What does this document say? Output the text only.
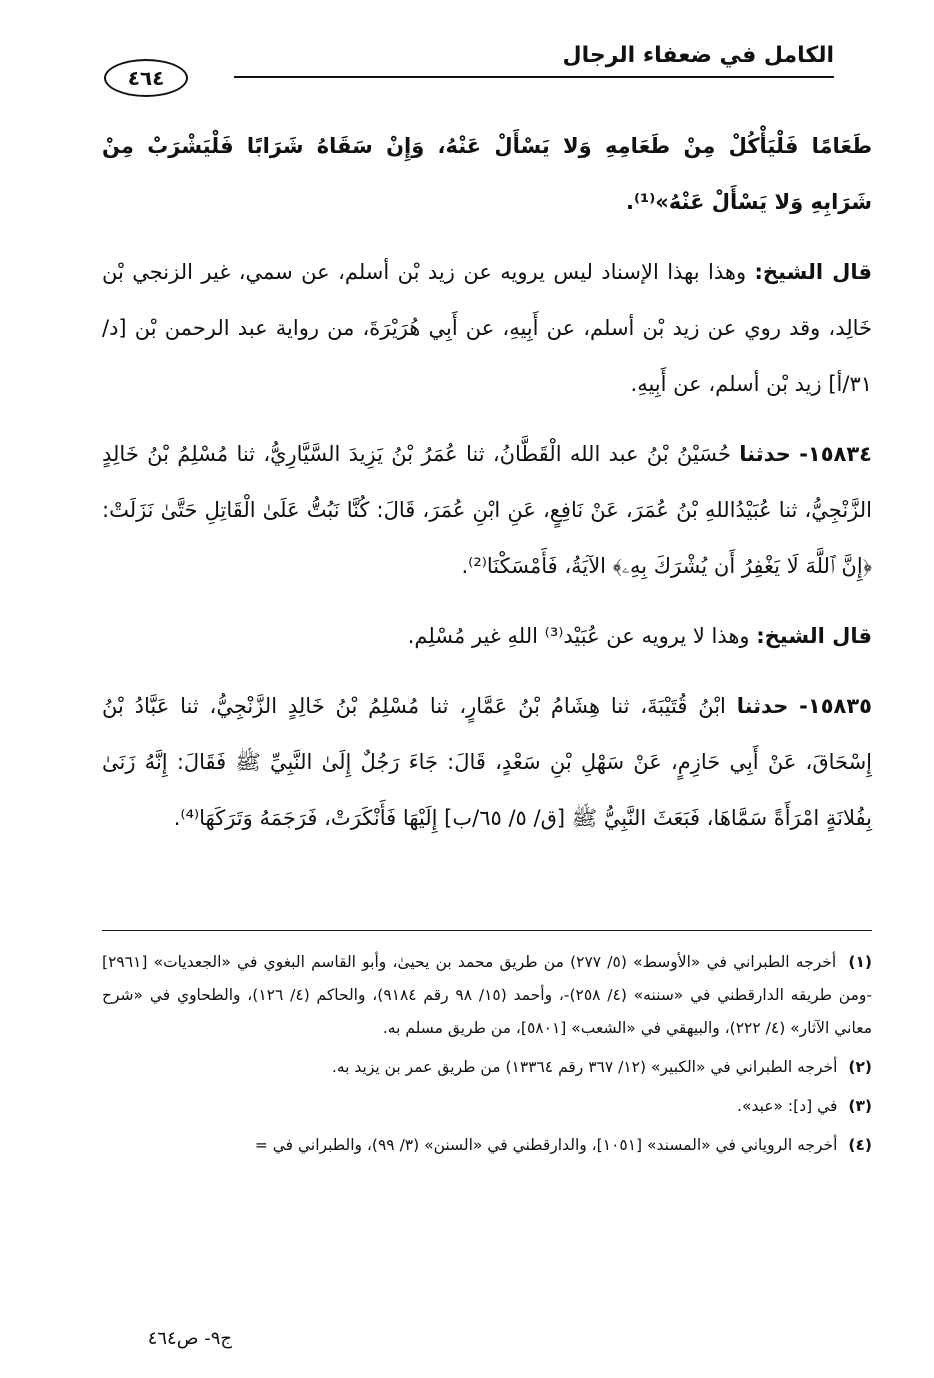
الكامل في ضعفاء الرجال
٤٦٤

طَعَامًا فَلْيَأْكُلْ مِنْ طَعَامِهِ وَلا يَسْأَلْ عَنْهُ، وَإِنْ سَقَاهُ شَرَابًا فَلْيَشْرَبْ مِنْ شَرَابِهِ وَلا يَسْأَلْ عَنْهُ»⁽¹⁾.

قال الشيخ: وهذا بهذا الإسناد ليس يرويه عن زيد بْن أسلم، عن سمي، غير الزنجي بْن خَالِد، وقد روي عن زيد بْن أسلم، عن أَبِيهِ، عن أَبِي هُرَيْرَةَ، من رواية عبد الرحمن بْن [د/ ٣١/أ] زيد بْن أسلم، عن أَبِيهِ.

١٥٨٣٤- حدثنا حُسَيْنُ بْنُ عبد الله الْقَطَّانُ، ثنا عُمَرُ بْنُ يَزِيدَ السَّيَّارِيُّ، ثنا مُسْلِمُ بْنُ خَالِدٍ الزَّنْجِيُّ، ثنا عُبَيْدُاللهِ بْنُ عُمَرَ، عَنْ نَافِعٍ، عَنِ ابْنِ عُمَرَ، قَالَ: كُنَّا نَبُتُّ عَلَىٰ الْقَاتِلِ حَتَّىٰ نَزَلَتْ: ﴿إِنَّ ٱللَّهَ لَا يَغْفِرُ أَن يُشْرَكَ بِهِۦ﴾ الآيَةُ، فَأَمْسَكْنَا⁽²⁾.

قال الشيخ: وهذا لا يرويه عن عُبَيْد⁽³⁾ اللهِ غير مُسْلِم.

١٥٨٣٥- حدثنا ابْنُ قُتَيْبَةَ، ثنا هِشَامُ بْنُ عَمَّارٍ، ثنا مُسْلِمُ بْنُ خَالِدٍ الزَّنْجِيُّ، ثنا عَبَّادُ بْنُ إِسْحَاقَ، عَنْ أَبِي حَازِمٍ، عَنْ سَهْلِ بْنِ سَعْدٍ، قَالَ: جَاءَ رَجُلٌ إِلَىٰ النَّبِيِّ ﷺ فَقَالَ: إِنَّهُ زَنَىٰ بِفُلانَةٍ امْرَأَةً سَمَّاهَا، فَبَعَثَ النَّبِيُّ ﷺ [ق/ ٥/ ٦٥/ب] إِلَيْهَا فَأَنْكَرَتْ، فَرَجَمَهُ وَتَرَكَهَا⁽⁴⁾.

(١) أخرجه الطبراني في «الأوسط» (٥/ ٢٧٧) من طريق محمد بن يحيىٰ، وأبو القاسم البغوي في «الجعديات» [٢٩٦١] -ومن طريقه الدارقطني في «سننه» (٤/ ٢٥٨)-، وأحمد (١٥/ ٩٨ رقم ٩١٨٤)، والحاكم (٤/ ١٢٦)، والطحاوي في «شرح معاني الآثار» (٤/ ٢٢٢)، والبيهقي في «الشعب» [٥٨٠١]، من طريق مسلم به.

(٢) أخرجه الطبراني في «الكبير» (١٢/ ٣٦٧ رقم ١٣٣٦٤) من طريق عمر بن يزيد به.

(٣) في [د]: «عبد».

(٤) أخرجه الروياني في «المسند» [١٠٥١]، والدارقطني في «السنن» (٣/ ٩٩)، والطبراني في =

ج٩- ص٤٦٤
